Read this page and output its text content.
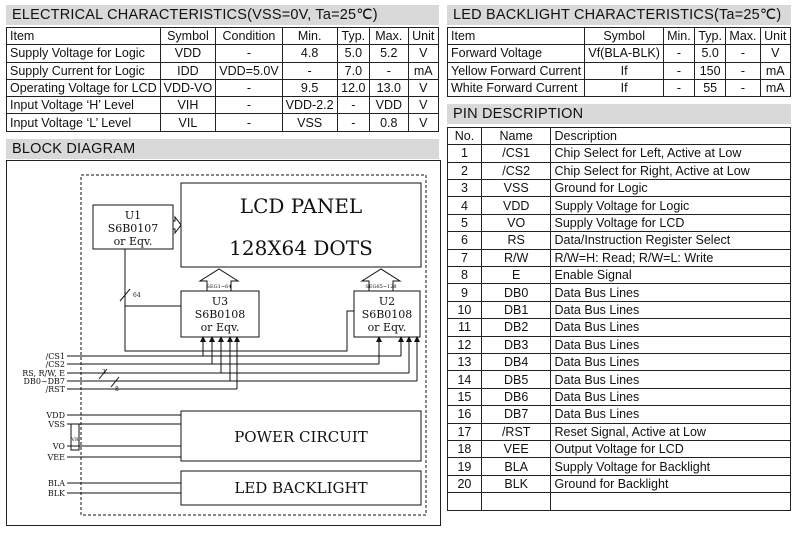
ELECTRICAL CHARACTERISTICS(VSS=0V, Ta=25℃)
Item	Symbol	Condition	Min.	Typ.	Max.	Unit
Supply Voltage for Logic	VDD	-	4.8	5.0	5.2	V
Supply Current for Logic	IDD	VDD=5.0V	-	7.0	-	mA
Operating Voltage for LCD	VDD-VO	-	9.5	12.0	13.0	V
Input Voltage ‘H’ Level	VIH	-	VDD-2.2	-	VDD	V
Input Voltage ‘L’ Level	VIL	-	VSS	-	0.8	V
LED BACKLIGHT CHARACTERISTICS(Ta=25℃)
Item	Symbol	Min.	Typ.	Max.	Unit
Forward Voltage	Vf(BLA-BLK)	-	5.0	-	V
Yellow Forward Current	If	-	150	-	mA
White Forward Current	If	-	55	-	mA
PIN DESCRIPTION
No.	Name	Description
1	/CS1	Chip Select for Left, Active at Low
2	/CS2	Chip Select for Right, Active at Low
3	VSS	Ground for Logic
4	VDD	Supply Voltage for Logic
5	VO	Supply Voltage for LCD
6	RS	Data/Instruction Register Select
7	R/W	R/W=H: Read; R/W=L: Write
8	E	Enable Signal
9	DB0	Data Bus Lines
10	DB1	Data Bus Lines
11	DB2	Data Bus Lines
12	DB3	Data Bus Lines
13	DB4	Data Bus Lines
14	DB5	Data Bus Lines
15	DB6	Data Bus Lines
16	DB7	Data Bus Lines
17	/RST	Reset Signal, Active at Low
18	VEE	Output Voltage for LCD
19	BLA	Supply Voltage for Backlight
20	BLK	Ground for Backlight

BLOCK DIAGRAM
LCD PANEL
128X64 DOTS
U1
S6B0107
or Eqv.
U3
S6B0108
or Eqv.
U2
S6B0108
or Eqv.
SEG1~64	SEG65~128
64
3
8
/CS1
/CS2
RS, R/W, E
DB0~DB7
/RST
POWER CIRCUIT
VDD
VSS
VO
VEE
VR
LED BACKLIGHT
BLA
BLK
